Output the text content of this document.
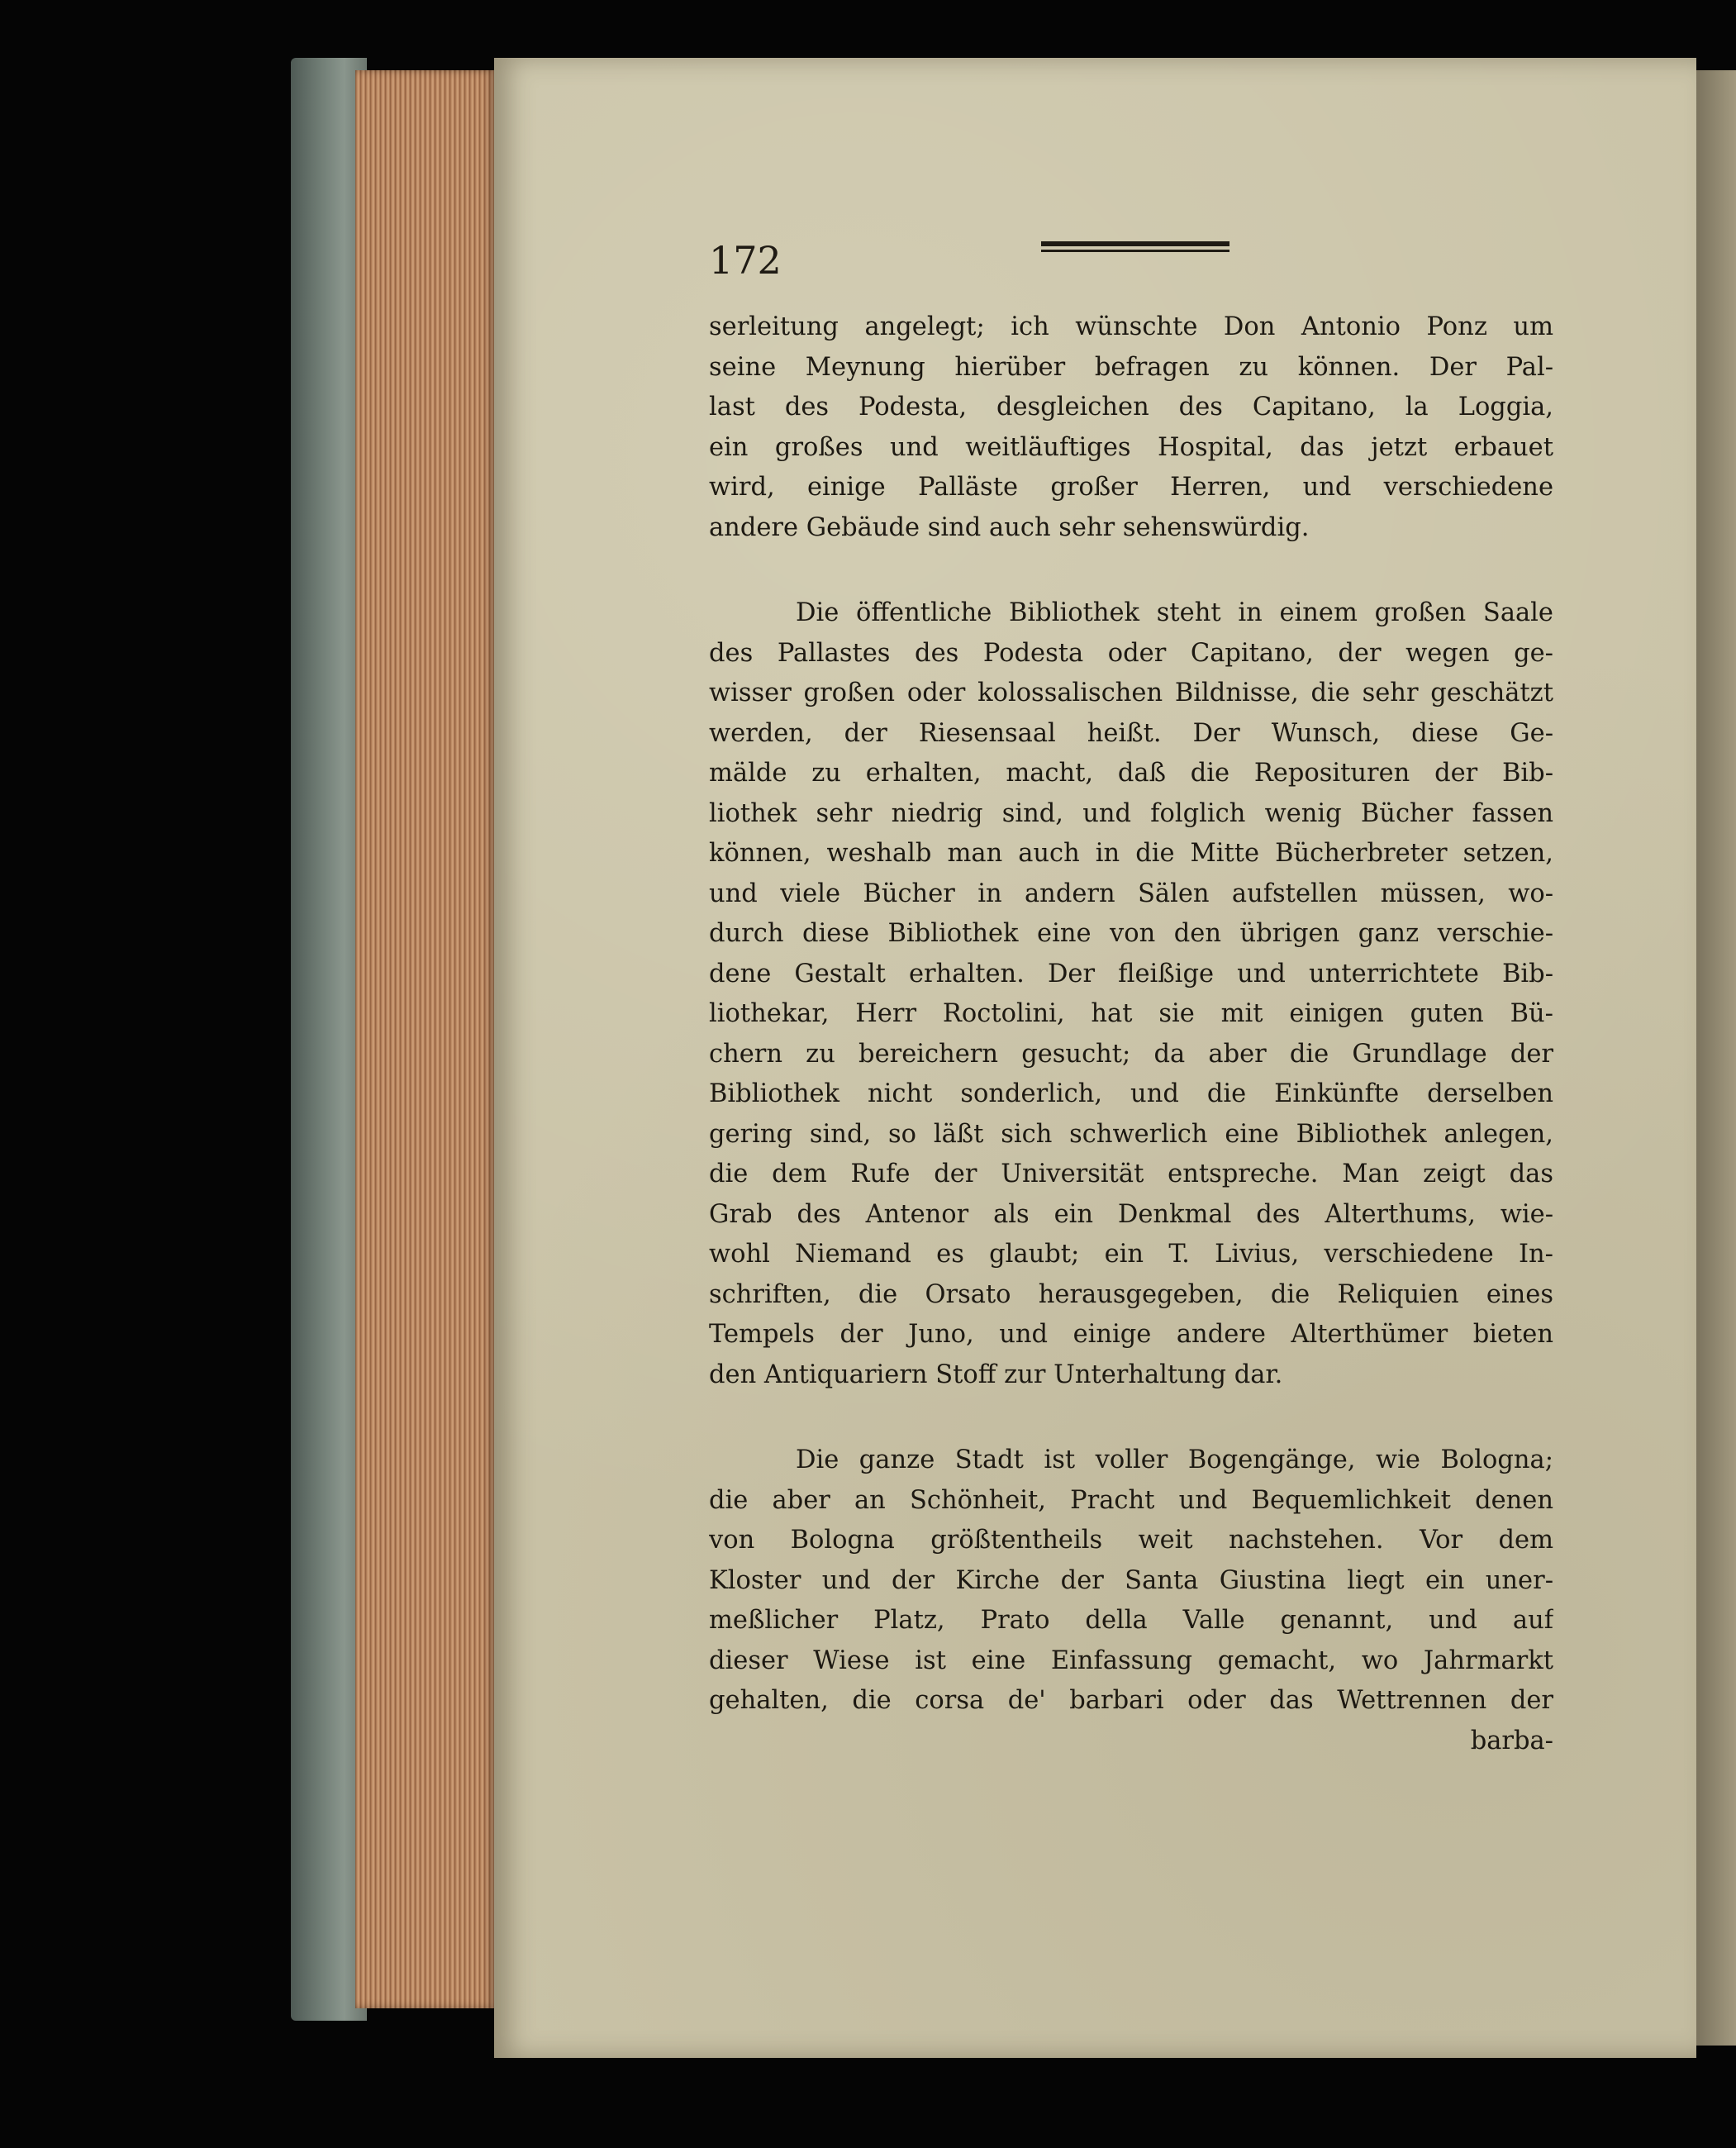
172
serleitung angelegt; ich wünschte Don Antonio Ponz um
seine Meynung hierüber befragen zu können. Der Pal-
last des Podesta, desgleichen des Capitano, la Loggia,
ein großes und weitläuftiges Hospital, das jetzt erbauet
wird, einige Palläste großer Herren, und verschiedene
andere Gebäude sind auch sehr sehenswürdig.
Die öffentliche Bibliothek steht in einem großen Saale
des Pallastes des Podesta oder Capitano, der wegen ge-
wisser großen oder kolossalischen Bildnisse, die sehr geschätzt
werden, der Riesensaal heißt. Der Wunsch, diese Ge-
mälde zu erhalten, macht, daß die Reposituren der Bib-
liothek sehr niedrig sind, und folglich wenig Bücher fassen
können, weshalb man auch in die Mitte Bücherbreter setzen,
und viele Bücher in andern Sälen aufstellen müssen, wo-
durch diese Bibliothek eine von den übrigen ganz verschie-
dene Gestalt erhalten. Der fleißige und unterrichtete Bib-
liothekar, Herr Roctolini, hat sie mit einigen guten Bü-
chern zu bereichern gesucht; da aber die Grundlage der
Bibliothek nicht sonderlich, und die Einkünfte derselben
gering sind, so läßt sich schwerlich eine Bibliothek anlegen,
die dem Rufe der Universität entspreche. Man zeigt das
Grab des Antenor als ein Denkmal des Alterthums, wie-
wohl Niemand es glaubt; ein T. Livius, verschiedene In-
schriften, die Orsato herausgegeben, die Reliquien eines
Tempels der Juno, und einige andere Alterthümer bieten
den Antiquariern Stoff zur Unterhaltung dar.
Die ganze Stadt ist voller Bogengänge, wie Bologna;
die aber an Schönheit, Pracht und Bequemlichkeit denen
von Bologna größtentheils weit nachstehen. Vor dem
Kloster und der Kirche der Santa Giustina liegt ein uner-
meßlicher Platz, Prato della Valle genannt, und auf
dieser Wiese ist eine Einfassung gemacht, wo Jahrmarkt
gehalten, die corsa de' barbari oder das Wettrennen der
barba-
